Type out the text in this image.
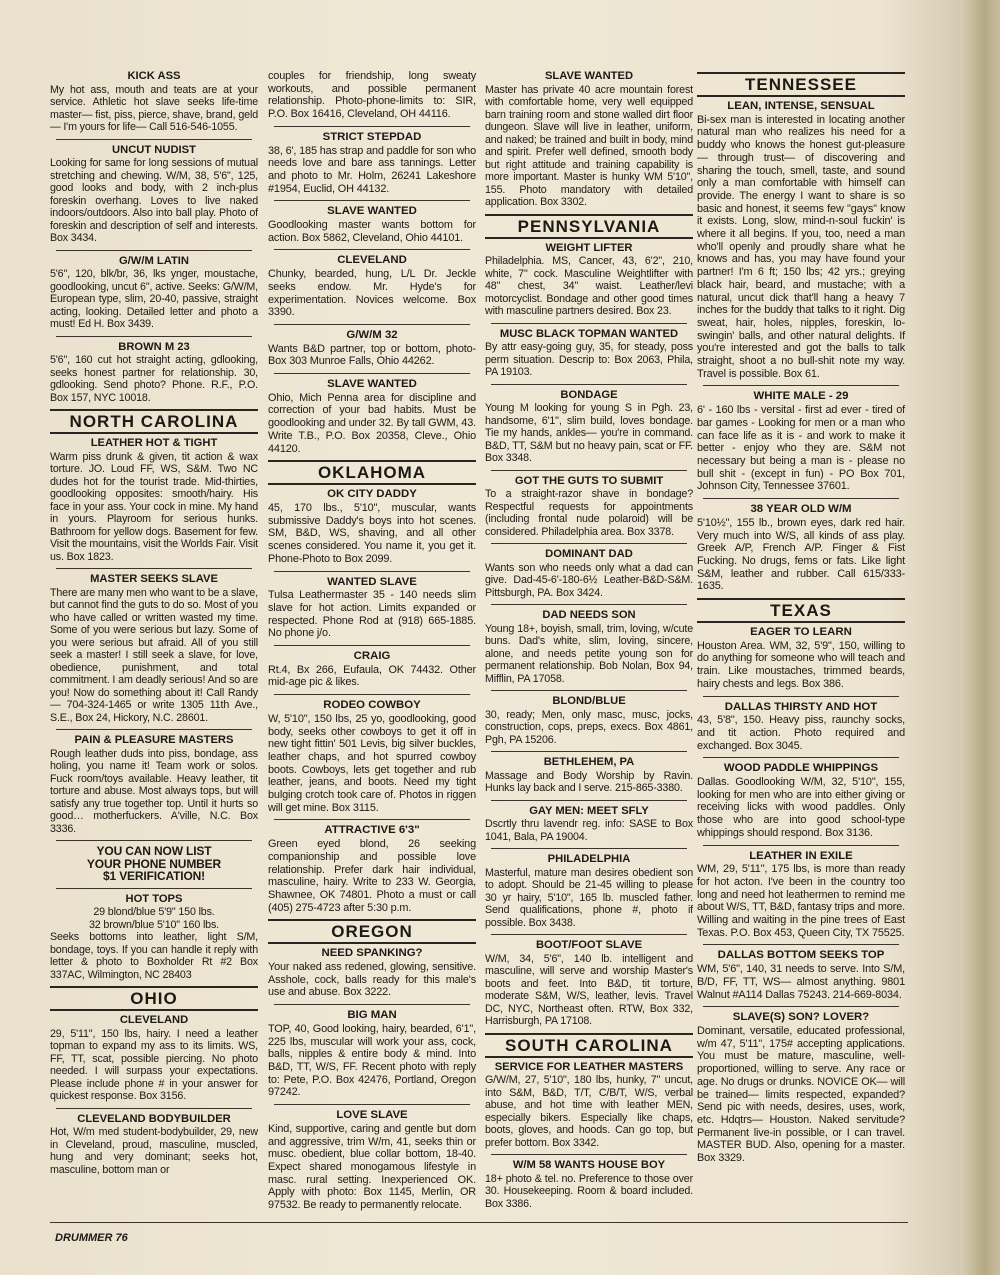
KICK ASS
My hot ass, mouth and teats are at your service. Athletic hot slave seeks life-time master— fist, piss, pierce, shave, brand, geld— I'm yours for life— Call 516-546-1055.
UNCUT NUDIST
Looking for same for long sessions of mutual stretching and chewing. W/M, 38, 5'6", 125, good looks and body, with 2 inch-plus foreskin overhang. Loves to live naked indoors/outdoors. Also into ball play. Photo of foreskin and description of self and interests. Box 3434.
G/W/M LATIN
5'6", 120, blk/br, 36, lks ynger, moustache, goodlooking, uncut 6", active. Seeks: G/W/M, European type, slim, 20-40, passive, straight acting, looking. Detailed letter and photo a must! Ed H. Box 3439.
BROWN M 23
5'6", 160 cut hot straight acting, gdlooking, seeks honest partner for relationship. 30, gdlooking. Send photo? Phone. R.F., P.O. Box 157, NYC 10018.
NORTH CAROLINA
LEATHER HOT & TIGHT
Warm piss drunk & given, tit action & wax torture. JO. Loud FF, WS, S&M. Two NC dudes hot for the tourist trade. Mid-thirties, goodlooking opposites: smooth/hairy. His face in your ass. Your cock in mine. My hand in yours. Playroom for serious hunks. Bathroom for yellow dogs. Basement for few. Visit the mountains, visit the Worlds Fair. Visit us. Box 1823.
MASTER SEEKS SLAVE
There are many men who want to be a slave, but cannot find the guts to do so. Most of you who have called or written wasted my time. Some of you were serious but lazy. Some of you were serious but afraid. All of you still seek a master! I still seek a slave, for love, obedience, punishment, and total commitment. I am deadly serious! And so are you! Now do something about it! Call Randy— 704-324-1465 or write 1305 11th Ave., S.E., Box 24, Hickory, N.C. 28601.
PAIN & PLEASURE MASTERS
Rough leather duds into piss, bondage, ass holing, you name it! Team work or solos. Fuck room/toys available. Heavy leather, tit torture and abuse. Most always tops, but will satisfy any true together top. Until it hurts so good… motherfuckers. A'ville, N.C. Box 3336.
YOU CAN NOW LIST
YOUR PHONE NUMBER
$1 VERIFICATION!
HOT TOPS
29 blond/blue 5'9" 150 lbs.
32 brown/blue 5'10" 160 lbs.
Seeks bottoms into leather, light S/M, bondage, toys. If you can handle it reply with letter & photo to Boxholder Rt #2 Box 337AC, Wilmington, NC 28403
OHIO
CLEVELAND
29, 5'11", 150 lbs, hairy. I need a leather topman to expand my ass to its limits. WS, FF, TT, scat, possible piercing. No photo needed. I will surpass your expectations. Please include phone # in your answer for quickest response. Box 3156.
CLEVELAND BODYBUILDER
Hot, W/m med student-bodybuilder, 29, new in Cleveland, proud, masculine, muscled, hung and very dominant; seeks hot, masculine, bottom man or
couples for friendship, long sweaty workouts, and possible permanent relationship. Photo-phone-limits to: SIR, P.O. Box 16416, Cleveland, OH 44116.
STRICT STEPDAD
38, 6', 185 has strap and paddle for son who needs love and bare ass tannings. Letter and photo to Mr. Holm, 26241 Lakeshore #1954, Euclid, OH 44132.
SLAVE WANTED
Goodlooking master wants bottom for action. Box 5862, Cleveland, Ohio 44101.
CLEVELAND
Chunky, bearded, hung, L/L Dr. Jeckle seeks endow. Mr. Hyde's for experimentation. Novices welcome. Box 3390.
G/W/M 32
Wants B&D partner, top or bottom, photo-Box 303 Munroe Falls, Ohio 44262.
SLAVE WANTED
Ohio, Mich Penna area for discipline and correction of your bad habits. Must be goodlooking and under 32. By tall GWM, 43. Write T.B., P.O. Box 20358, Cleve., Ohio 44120.
OKLAHOMA
OK CITY DADDY
45, 170 lbs., 5'10", muscular, wants submissive Daddy's boys into hot scenes. SM, B&D, WS, shaving, and all other scenes considered. You name it, you get it. Phone-Photo to Box 2099.
WANTED SLAVE
Tulsa Leathermaster 35 - 140 needs slim slave for hot action. Limits expanded or respected. Phone Rod at (918) 665-1885. No phone j/o.
CRAIG
Rt.4, Bx 266, Eufaula, OK 74432. Other mid-age pic & likes.
RODEO COWBOY
W, 5'10", 150 lbs, 25 yo, goodlooking, good body, seeks other cowboys to get it off in new tight fittin' 501 Levis, big silver buckles, leather chaps, and hot spurred cowboy boots. Cowboys, lets get together and rub leather, jeans, and boots. Need my tight bulging crotch took care of. Photos in riggen will get mine. Box 3115.
ATTRACTIVE 6'3"
Green eyed blond, 26 seeking companionship and possible love relationship. Prefer dark hair individual, masculine, hairy. Write to 233 W. Georgia, Shawnee, OK 74801. Photo a must or call (405) 275-4723 after 5:30 p.m.
OREGON
NEED SPANKING?
Your naked ass redened, glowing, sensitive. Asshole, cock, balls ready for this male's use and abuse. Box 3222.
BIG MAN
TOP, 40, Good looking, hairy, bearded, 6'1", 225 lbs, muscular will work your ass, cock, balls, nipples & entire body & mind. Into B&D, TT, W/S, FF. Recent photo with reply to: Pete, P.O. Box 42476, Portland, Oregon 97242.
LOVE SLAVE
Kind, supportive, caring and gentle but dom and aggressive, trim W/m, 41, seeks thin or musc. obedient, blue collar bottom, 18-40. Expect shared monogamous lifestyle in masc. rural setting. Inexperienced OK. Apply with photo: Box 1145, Merlin, OR 97532. Be ready to permanently relocate.
SLAVE WANTED
Master has private 40 acre mountain forest with comfortable home, very well equipped barn training room and stone walled dirt floor dungeon. Slave will live in leather, uniform, and naked; be trained and built in body, mind and spirit. Prefer well defined, smooth body but right attitude and training capability is more important. Master is hunky WM 5'10", 155. Photo mandatory with detailed application. Box 3302.
PENNSYLVANIA
WEIGHT LIFTER
Philadelphia. MS, Cancer, 43, 6'2", 210, white, 7" cock. Masculine Weightlifter with 48" chest, 34" waist. Leather/levi motorcyclist. Bondage and other good times with masculine partners desired. Box 23.
MUSC BLACK TOPMAN WANTED
By attr easy-going guy, 35, for steady, poss perm situation. Descrip to: Box 2063, Phila, PA 19103.
BONDAGE
Young M looking for young S in Pgh. 23, handsome, 6'1", slim build, loves bondage. Tie my hands, ankles— you're in command. B&D, TT, S&M but no heavy pain, scat or FF. Box 3348.
GOT THE GUTS TO SUBMIT
To a straight-razor shave in bondage? Respectful requests for appointments (including frontal nude polaroid) will be considered. Philadelphia area. Box 3378.
DOMINANT DAD
Wants son who needs only what a dad can give. Dad-45-6'-180-6½ Leather-B&D-S&M. Pittsburgh, PA. Box 3424.
DAD NEEDS SON
Young 18+, boyish, small, trim, loving, w/cute buns. Dad's white, slim, loving, sincere, alone, and needs petite young son for permanent relationship. Bob Nolan, Box 94, Mifflin, PA 17058.
BLOND/BLUE
30, ready; Men, only masc, musc, jocks, construction, cops, preps, execs. Box 4861, Pgh, PA 15206.
BETHLEHEM, PA
Massage and Body Worship by Ravin. Hunks lay back and I serve. 215-865-3380.
GAY MEN: MEET SFLY
Dscrtly thru lavendr reg. info: SASE to Box 1041, Bala, PA 19004.
PHILADELPHIA
Masterful, mature man desires obedient son to adopt. Should be 21-45 willing to please 30 yr hairy, 5'10", 165 lb. muscled father. Send qualifications, phone #, photo if possible. Box 3438.
BOOT/FOOT SLAVE
W/M, 34, 5'6", 140 lb. intelligent and masculine, will serve and worship Master's boots and feet. Into B&D, tit torture, moderate S&M, W/S, leather, levis. Travel DC, NYC, Northeast often. RTW, Box 332, Harrisburgh, PA 17108.
SOUTH CAROLINA
SERVICE FOR LEATHER MASTERS
G/W/M, 27, 5'10", 180 lbs, hunky, 7" uncut, into S&M, B&D, T/T, C/B/T, W/S, verbal abuse, and hot time with leather MEN, especially bikers. Especially like chaps, boots, gloves, and hoods. Can go top, but prefer bottom. Box 3342.
W/M 58 WANTS HOUSE BOY
18+ photo & tel. no. Preference to those over 30. Housekeeping. Room & board included. Box 3386.
TENNESSEE
LEAN, INTENSE, SENSUAL
Bi-sex man is interested in locating another natural man who realizes his need for a buddy who knows the honest gut-pleasure— through trust— of discovering and sharing the touch, smell, taste, and sound only a man comfortable with himself can provide. The energy I want to share is so basic and honest, it seems few "gays" know it exists. Long, slow, mind-n-soul fuckin' is where it all begins. If you, too, need a man who'll openly and proudly share what he knows and has, you may have found your partner! I'm 6 ft; 150 lbs; 42 yrs.; greying black hair, beard, and mustache; with a natural, uncut dick that'll hang a heavy 7 inches for the buddy that talks to it right. Dig sweat, hair, holes, nipples, foreskin, lo-swingin' balls, and other natural delights. If you're interested and got the balls to talk straight, shoot a no bull-shit note my way. Travel is possible. Box 61.
WHITE MALE - 29
6' - 160 lbs - versital - first ad ever - tired of bar games - Looking for men or a man who can face life as it is - and work to make it better - enjoy who they are. S&M not necessary but being a man is - please no bull shit - (except in fun) - PO Box 701, Johnson City, Tennessee 37601.
38 YEAR OLD W/M
5'10½", 155 lb., brown eyes, dark red hair. Very much into W/S, all kinds of ass play. Greek A/P, French A/P. Finger & Fist Fucking. No drugs, fems or fats. Like light S&M, leather and rubber. Call 615/333-1635.
TEXAS
EAGER TO LEARN
Houston Area. WM, 32, 5'9", 150, willing to do anything for someone who will teach and train. Like moustaches, trimmed beards, hairy chests and legs. Box 386.
DALLAS THIRSTY AND HOT
43, 5'8", 150. Heavy piss, raunchy socks, and tit action. Photo required and exchanged. Box 3045.
WOOD PADDLE WHIPPINGS
Dallas. Goodlooking W/M, 32, 5'10", 155, looking for men who are into either giving or receiving licks with wood paddles. Only those who are into good school-type whippings should respond. Box 3136.
LEATHER IN EXILE
WM, 29, 5'11", 175 lbs, is more than ready for hot acton. I've been in the country too long and need hot leathermen to remind me about W/S, TT, B&D, fantasy trips and more. Willing and waiting in the pine trees of East Texas. P.O. Box 453, Queen City, TX 75525.
DALLAS BOTTOM SEEKS TOP
WM, 5'6", 140, 31 needs to serve. Into S/M, B/D, FF, TT, WS— almost anything. 9801 Walnut #A114 Dallas 75243. 214-669-8034.
SLAVE(S) SON? LOVER?
Dominant, versatile, educated professional, w/m 47, 5'11", 175# accepting applications. You must be mature, masculine, well-proportioned, willing to serve. Any race or age. No drugs or drunks. NOVICE OK— will be trained— limits respected, expanded? Send pic with needs, desires, uses, work, etc. Hdqtrs— Houston. Naked servitude? Permanent live-in possible, or I can travel. MASTER BUD. Also, opening for a master. Box 3329.
DRUMMER 76
